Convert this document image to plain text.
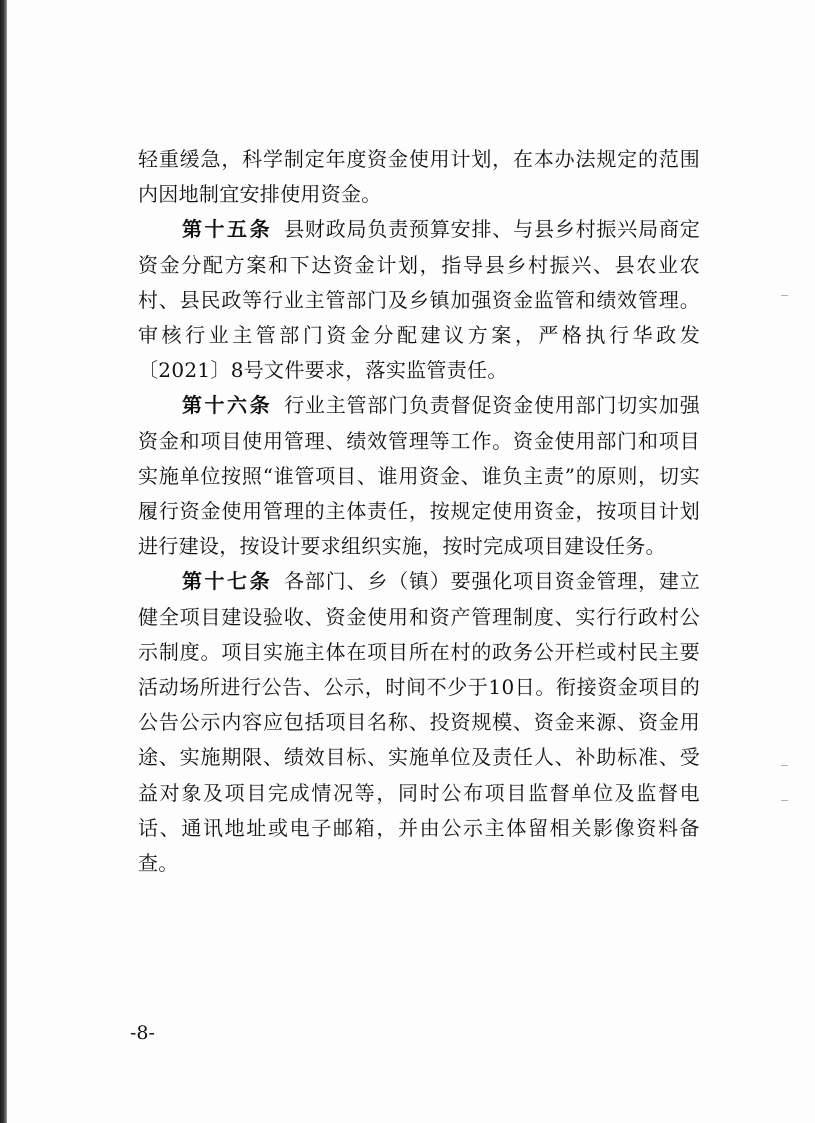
轻重缓急，科学制定年度资金使用计划，在本办法规定的范围内因地制宜安排使用资金。

第十五条 县财政局负责预算安排、与县乡村振兴局商定资金分配方案和下达资金计划，指导县乡村振兴、县农业农村、县民政等行业主管部门及乡镇加强资金监管和绩效管理。审核行业主管部门资金分配建议方案，严格执行华政发〔2021〕8号文件要求，落实监管责任。

第十六条 行业主管部门负责督促资金使用部门切实加强资金和项目使用管理、绩效管理等工作。资金使用部门和项目实施单位按照“谁管项目、谁用资金、谁负主责”的原则，切实履行资金使用管理的主体责任，按规定使用资金，按项目计划进行建设，按设计要求组织实施，按时完成项目建设任务。

第十七条 各部门、乡（镇）要强化项目资金管理，建立健全项目建设验收、资金使用和资产管理制度、实行行政村公示制度。项目实施主体在项目所在村的政务公开栏或村民主要活动场所进行公告、公示，时间不少于10日。衔接资金项目的公告公示内容应包括项目名称、投资规模、资金来源、资金用途、实施期限、绩效目标、实施单位及责任人、补助标准、受益对象及项目完成情况等，同时公布项目监督单位及监督电话、通讯地址或电子邮箱，并由公示主体留相关影像资料备查。

-8-
